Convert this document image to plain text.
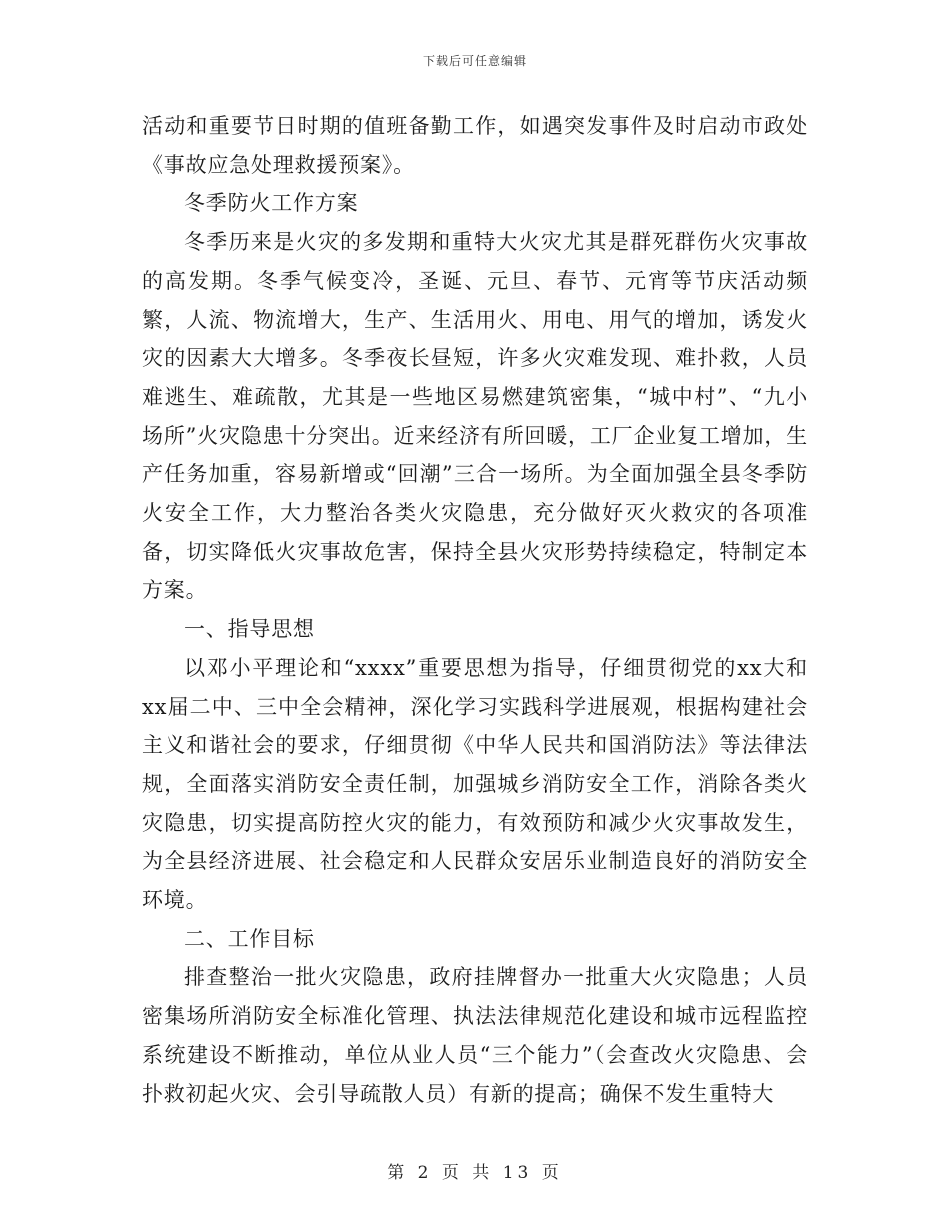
下载后可任意编辑

活动和重要节日时期的值班备勤工作，如遇突发事件及时启动市政处《事故应急处理救援预案》。

冬季防火工作方案

冬季历来是火灾的多发期和重特大火灾尤其是群死群伤火灾事故的高发期。冬季气候变冷，圣诞、元旦、春节、元宵等节庆活动频繁，人流、物流增大，生产、生活用火、用电、用气的增加，诱发火灾的因素大大增多。冬季夜长昼短，许多火灾难发现、难扑救，人员难逃生、难疏散，尤其是一些地区易燃建筑密集，“城中村”、“九小场所”火灾隐患十分突出。近来经济有所回暖，工厂企业复工增加，生产任务加重，容易新增或“回潮”三合一场所。为全面加强全县冬季防火安全工作，大力整治各类火灾隐患，充分做好灭火救灾的各项准备，切实降低火灾事故危害，保持全县火灾形势持续稳定，特制定本方案。

一、指导思想

以邓小平理论和“xxxx”重要思想为指导，仔细贯彻党的xx大和xx届二中、三中全会精神，深化学习实践科学进展观，根据构建社会主义和谐社会的要求，仔细贯彻《中华人民共和国消防法》等法律法规，全面落实消防安全责任制，加强城乡消防安全工作，消除各类火灾隐患，切实提高防控火灾的能力，有效预防和减少火灾事故发生，为全县经济进展、社会稳定和人民群众安居乐业制造良好的消防安全环境。

二、工作目标

排查整治一批火灾隐患，政府挂牌督办一批重大火灾隐患；人员密集场所消防安全标准化管理、执法法律规范化建设和城市远程监控系统建设不断推动，单位从业人员“三个能力”（会查改火灾隐患、会扑救初起火灾、会引导疏散人员）有新的提高；确保不发生重特大

第 2 页 共 13 页
